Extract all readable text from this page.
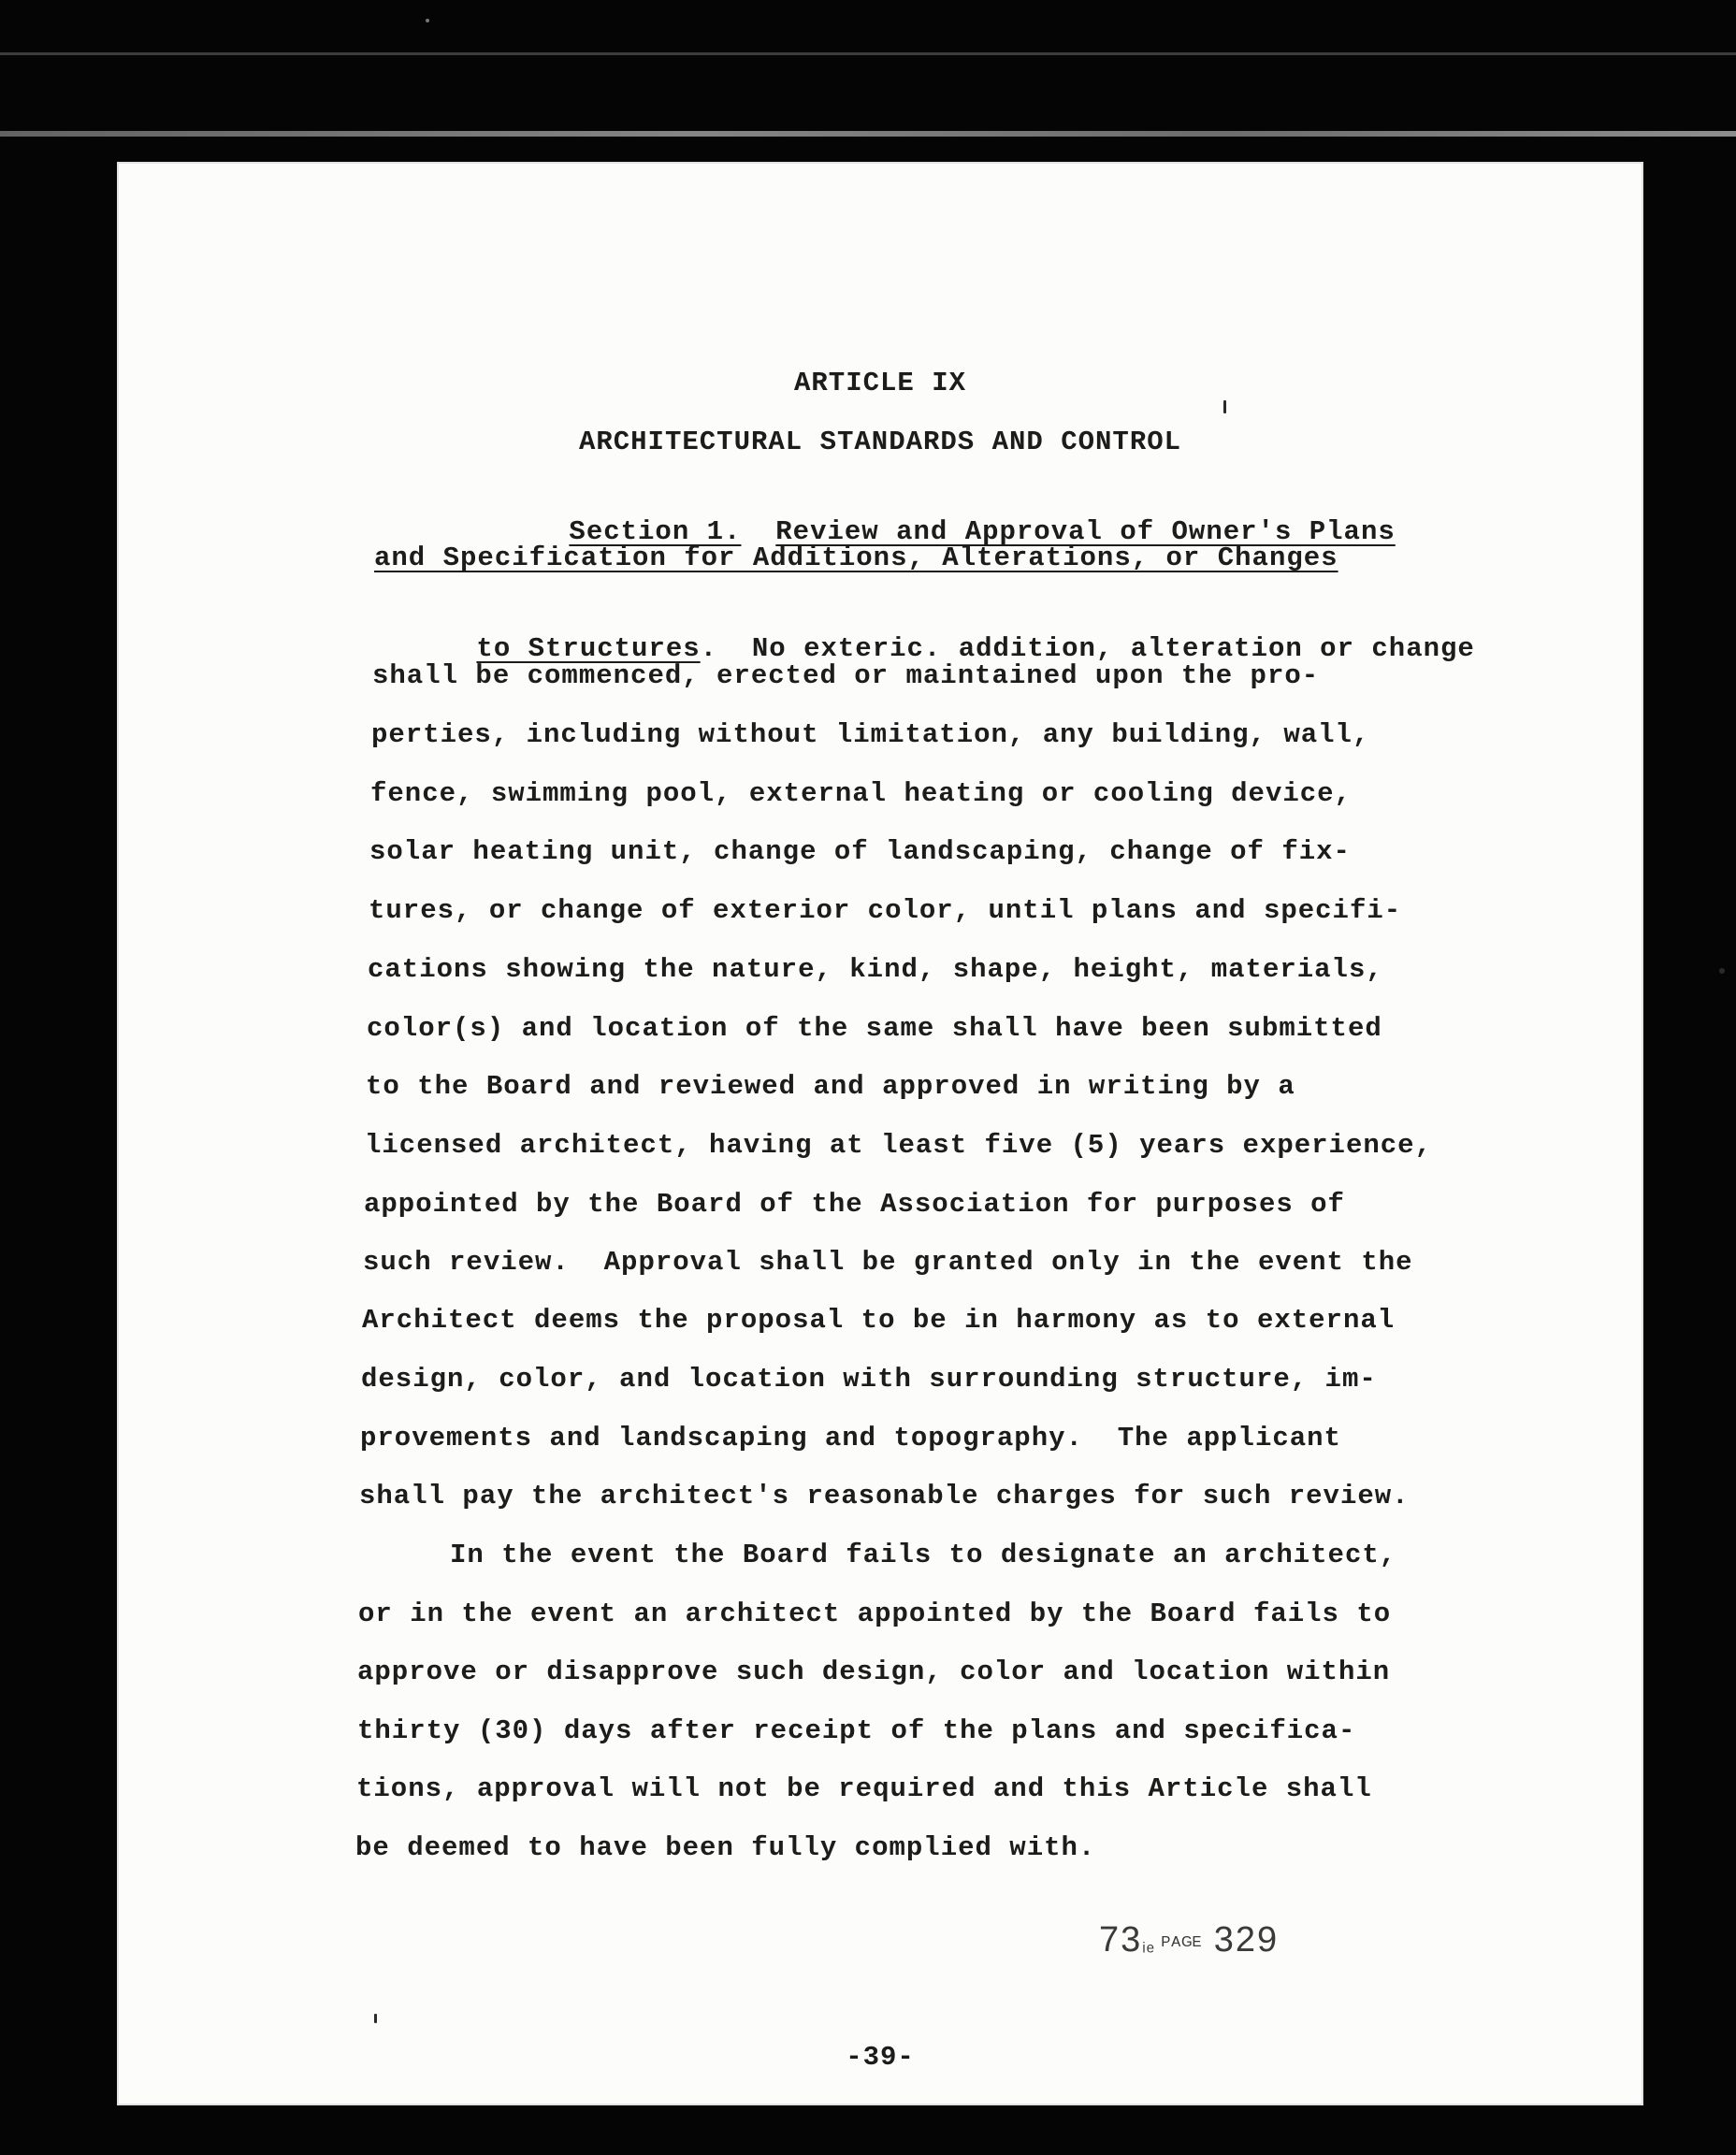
ARTICLE IX
ARCHITECTURAL STANDARDS AND CONTROL

Section 1. Review and Approval of Owner's Plans

and Specification for Additions, Alterations, or Changes

to Structures.  No exteric. addition, alteration or change

shall be commenced, erected or maintained upon the pro-
perties, including without limitation, any building, wall,
fence, swimming pool, external heating or cooling device,
solar heating unit, change of landscaping, change of fix-
tures, or change of exterior color, until plans and specifi-
cations showing the nature, kind, shape, height, materials,
color(s) and location of the same shall have been submitted
to the Board and reviewed and approved in writing by a
licensed architect, having at least five (5) years experience,
appointed by the Board of the Association for purposes of
such review.  Approval shall be granted only in the event the
Architect deems the proposal to be in harmony as to external
design, color, and location with surrounding structure, im-
provements and landscaping and topography.  The applicant
shall pay the architect's reasonable charges for such review.
In the event the Board fails to designate an architect,
or in the event an architect appointed by the Board fails to
approve or disapprove such design, color and location within
thirty (30) days after receipt of the plans and specifica-
tions, approval will not be required and this Article shall
be deemed to have been fully complied with.
-39-
73ᵢₑ ᴾᴬᴳᴱ 329
